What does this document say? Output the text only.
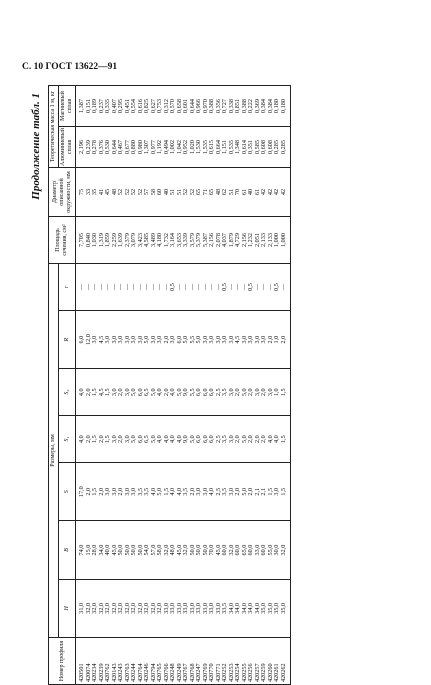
С. 10 ГОСТ 13622—91
Продолжение табл. 1
Номер профиля	Размеры, мм							Площадь сечения, см²	Диаметр описанной окружности, мм	Теоретическая масса 1 м, кг	
	H	B	S	S₁	S₂	R	r			Алюминиевый сплав	Магниевый сплав
420501	31,0	74,0	17,0	4,0	4,0	6,0	—	7,705	75	2,196	1,387
420074	32,0	15,0	2,0	2,0	2,0	12,0	—	0,840	33	0,239	0,151
420234	32,0	28,0	1,5	1,5	1,5	3,0	—	1,030	35	0,278	0,189
420239	32,0	34,0	2,0	2,0	4,5	4,5	—	1,319	41	0,376	0,237
420762	32,0	40,0	3,0	1,5	1,5	3,0	—	1,859	45	0,530	0,335
420143	32,0	45,0	3,0	3,0	3,0	3,0	—	2,259	48	0,644	0,407
420243	32,0	50,0	2,0	2,0	2,0	3,0	—	1,639	52	0,467	0,295
420763	32,0	50,0	3,0	3,0	3,0	3,0	—	2,379	52	0,677	0,451
420244	32,0	50,0	3,0	5,0	5,0	3,0	—	3,079	52	0,880	0,554
420764	32,0	50,0	3,5	6,0	6,0	3,0	—	3,423	52	0,980	0,616
420246	32,0	54,0	3,5	6,5	6,5	5,0	—	4,585	57	1,307	0,825
420794	32,0	57,0	4,0	5,0	5,0	3,0	—	3,489	58	0,977	0,627
420765	32,0	58,0	5,0	4,0	4,0	3,0	—	4,180	60	1,192	0,753
420766	33,0	32,0	1,5	4,0	2,0	2,0	—	1,732	40	0,494	0,312
420248	33,0	48,0	4,0	4,0	4,0	3,0	0,5	3,164	51	1,002	0,570
420249	33,0	45,0	4,0	4,0	5,0	6,0	—	3,653	51	1,042	0,658
420767	33,0	32,0	3,5	9,0	9,0	5,0	—	3,339	52	0,952	0,601
420768	33,0	50,0	2,0	5,0	5,5	5,5	—	3,579	52	1,020	0,644
420247	33,0	50,0	3,0	6,0	6,0	5,0	—	5,379	65	1,530	0,966
420769	33,0	50,0	3,0	6,0	6,0	3,0	—	5,387	71	1,535	0,970
420770	33,0	70,0	4,0	6,0	6,0	3,0	—	2,156	65	0,615	0,388
420771	33,0	45,0	2,5	2,5	2,5	3,0	—	2,078	48	0,664	0,356
420252	33,5	60,0	3,5	3,5	3,5	3,0	0,5	4,037	62	1,151	0,727
420253	34,0	32,0	3,0	3,0	3,0	3,0	—	1,879	51	0,535	0,338
420254	34,0	60,0	2,0	2,0	2,0	4,5	—	4,729	70	1,348	0,851
420255	34,0	65,0	5,0	5,0	5,0	3,0	—	2,156	61	0,614	0,388
420256	34,0	60,0	2,0	2,0	2,0	3,0	0,5	1,232	40	0,351	0,222
420257	34,0	33,0	2,1	2,0	3,0	3,0	—	2,051	61	0,585	0,369
420259	35,0	60,0	2,1	2,0	2,0	3,0	—	2,133	42	0,608	0,384
420260	35,0	55,0	1,5	4,0	3,0	2,0	—	2,133	42	0,608	0,384
420261	35,0	30,0	3,0	4,0	1,0	1,0	0,5	1,000	42	0,285	0,180
420262	35,0	32,0	1,5	1,5	1,5	2,0	—	1,000	42	0,285	0,180
